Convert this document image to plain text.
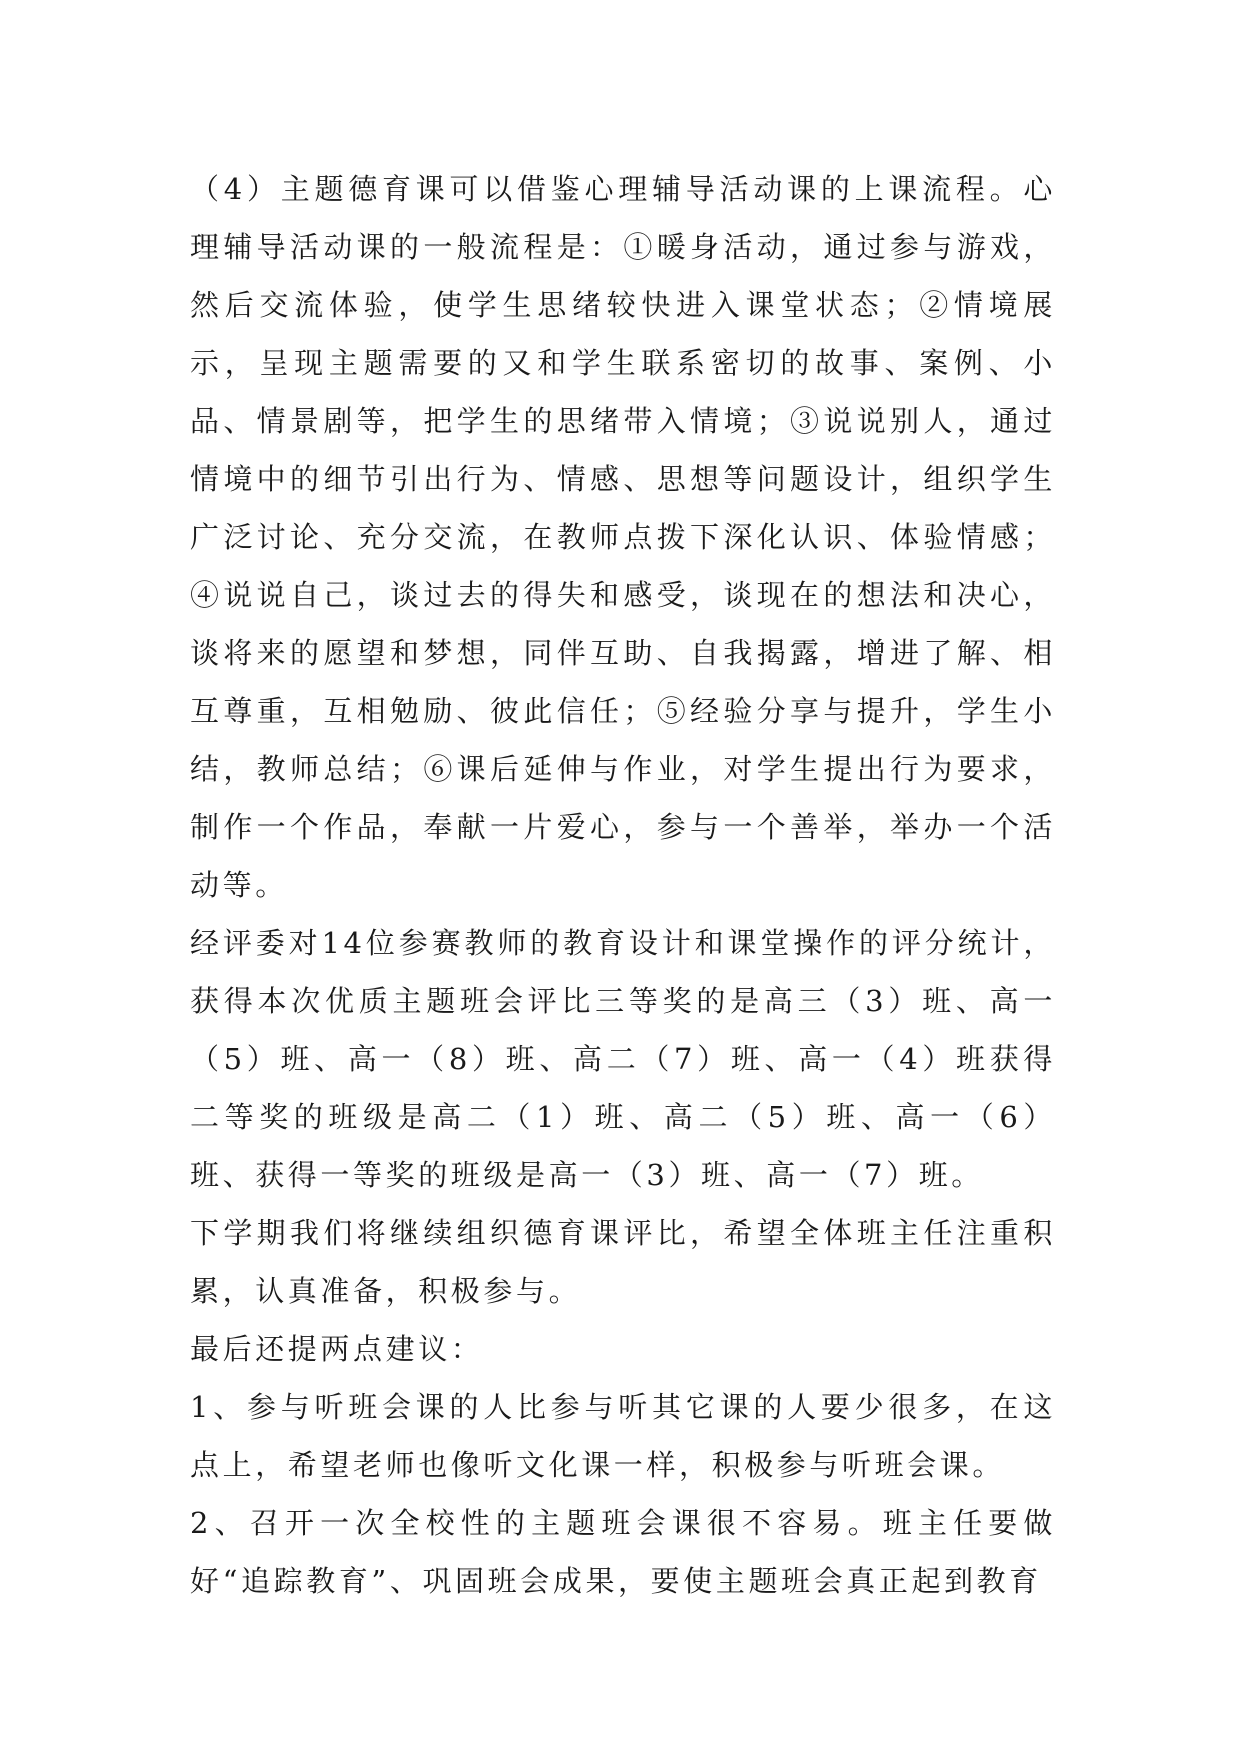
（4）主题德育课可以借鉴心理辅导活动课的上课流程。心理辅导活动课的一般流程是：①暖身活动，通过参与游戏，然后交流体验，使学生思绪较快进入课堂状态；②情境展示，呈现主题需要的又和学生联系密切的故事、案例、小品、情景剧等，把学生的思绪带入情境；③说说别人，通过情境中的细节引出行为、情感、思想等问题设计，组织学生广泛讨论、充分交流，在教师点拨下深化认识、体验情感；④说说自己，谈过去的得失和感受，谈现在的想法和决心，谈将来的愿望和梦想，同伴互助、自我揭露，增进了解、相互尊重，互相勉励、彼此信任；⑤经验分享与提升，学生小结，教师总结；⑥课后延伸与作业，对学生提出行为要求，制作一个作品，奉献一片爱心，参与一个善举，举办一个活动等。

经评委对14位参赛教师的教育设计和课堂操作的评分统计，获得本次优质主题班会评比三等奖的是高三（3）班、高一（5）班、高一（8）班、高二（7）班、高一（4）班获得二等奖的班级是高二（1）班、高二（5）班、高一（6）班、获得一等奖的班级是高一（3）班、高一（7）班。

下学期我们将继续组织德育课评比，希望全体班主任注重积累，认真准备，积极参与。

最后还提两点建议：

1、参与听班会课的人比参与听其它课的人要少很多，在这点上，希望老师也像听文化课一样，积极参与听班会课。

2、召开一次全校性的主题班会课很不容易。班主任要做好“追踪教育”、巩固班会成果，要使主题班会真正起到教育
